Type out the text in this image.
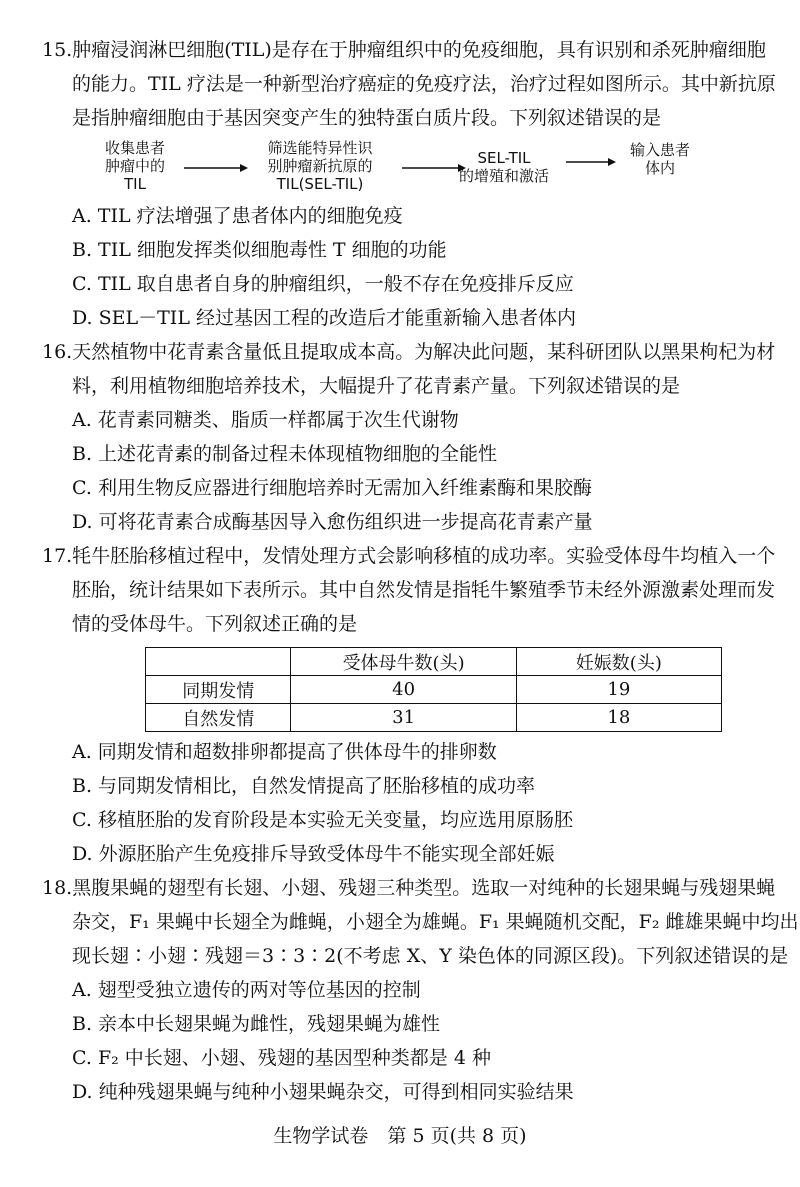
15.肿瘤浸润淋巴细胞(TIL)是存在于肿瘤组织中的免疫细胞，具有识别和杀死肿瘤细胞
的能力。TIL 疗法是一种新型治疗癌症的免疫疗法，治疗过程如图所示。其中新抗原
是指肿瘤细胞由于基因突变产生的独特蛋白质片段。下列叙述错误的是
收集患者
肿瘤中的
TIL
筛选能特异性识
别肿瘤新抗原的
TIL(SEL-TIL)
SEL-TIL
的增殖和激活
输入患者
体内
A. TIL 疗法增强了患者体内的细胞免疫
B. TIL 细胞发挥类似细胞毒性 T 细胞的功能
C. TIL 取自患者自身的肿瘤组织，一般不存在免疫排斥反应
D. SEL－TIL 经过基因工程的改造后才能重新输入患者体内
16.天然植物中花青素含量低且提取成本高。为解决此问题，某科研团队以黑果枸杞为材
料，利用植物细胞培养技术，大幅提升了花青素产量。下列叙述错误的是
A. 花青素同糖类、脂质一样都属于次生代谢物
B. 上述花青素的制备过程未体现植物细胞的全能性
C. 利用生物反应器进行细胞培养时无需加入纤维素酶和果胶酶
D. 可将花青素合成酶基因导入愈伤组织进一步提高花青素产量
17.牦牛胚胎移植过程中，发情处理方式会影响移植的成功率。实验受体母牛均植入一个
胚胎，统计结果如下表所示。其中自然发情是指牦牛繁殖季节未经外源激素处理而发
情的受体母牛。下列叙述正确的是
	受体母牛数(头)	妊娠数(头)
同期发情	40	19
自然发情	31	18
A. 同期发情和超数排卵都提高了供体母牛的排卵数
B. 与同期发情相比，自然发情提高了胚胎移植的成功率
C. 移植胚胎的发育阶段是本实验无关变量，均应选用原肠胚
D. 外源胚胎产生免疫排斥导致受体母牛不能实现全部妊娠
18.黑腹果蝇的翅型有长翅、小翅、残翅三种类型。选取一对纯种的长翅果蝇与残翅果蝇
杂交，F₁ 果蝇中长翅全为雌蝇，小翅全为雄蝇。F₁ 果蝇随机交配，F₂ 雌雄果蝇中均出
现长翅∶小翅∶残翅＝3∶3∶2(不考虑 X、Y 染色体的同源区段)。下列叙述错误的是
A. 翅型受独立遗传的两对等位基因的控制
B. 亲本中长翅果蝇为雌性，残翅果蝇为雄性
C. F₂ 中长翅、小翅、残翅的基因型种类都是 4 种
D. 纯种残翅果蝇与纯种小翅果蝇杂交，可得到相同实验结果
生物学试卷　第 5 页(共 8 页)
